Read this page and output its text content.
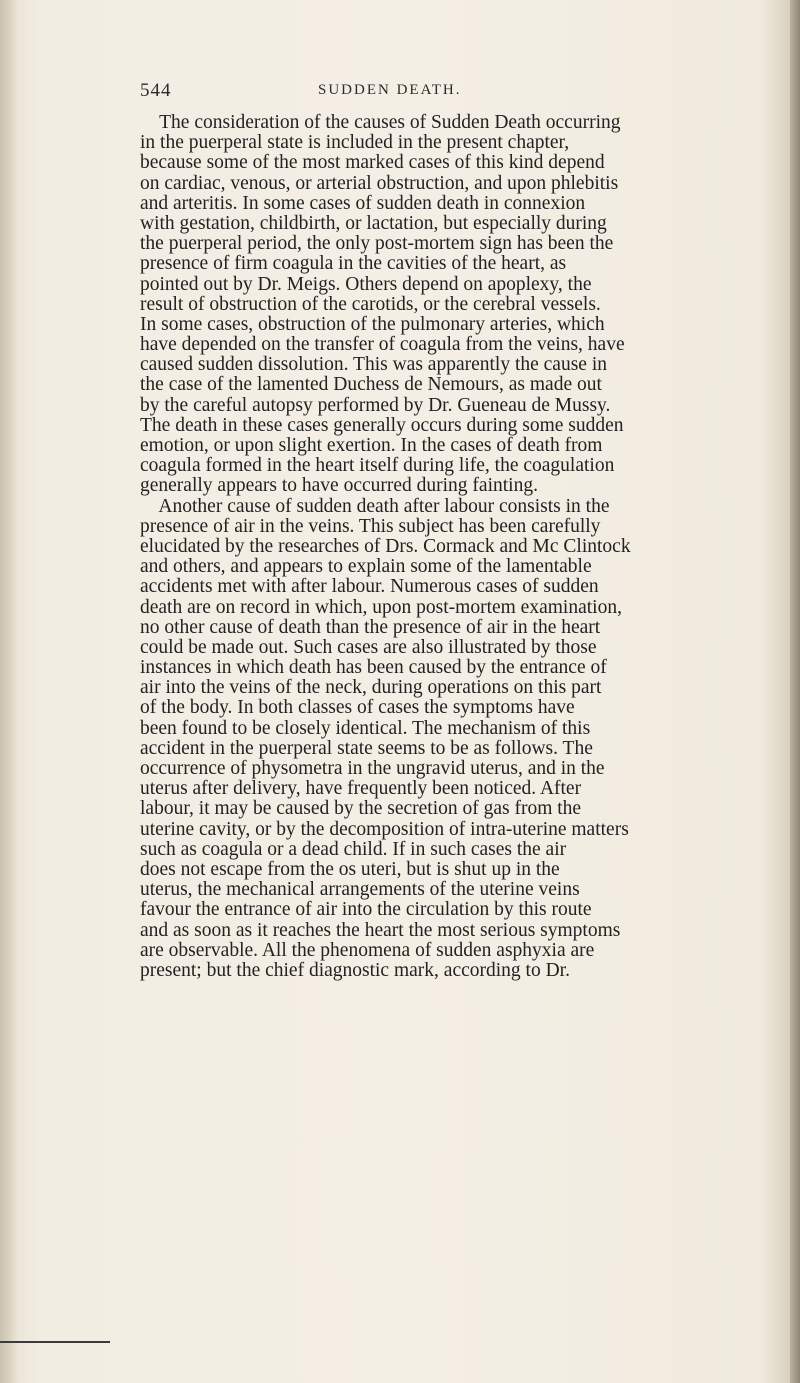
544	SUDDEN DEATH.
The consideration of the causes of Sudden Death occurring
in the puerperal state is included in the present chapter,
because some of the most marked cases of this kind depend
on cardiac, venous, or arterial obstruction, and upon phlebitis
and arteritis. In some cases of sudden death in connexion
with gestation, childbirth, or lactation, but especially during
the puerperal period, the only post-mortem sign has been the
presence of firm coagula in the cavities of the heart, as
pointed out by Dr. Meigs. Others depend on apoplexy, the
result of obstruction of the carotids, or the cerebral vessels.
In some cases, obstruction of the pulmonary arteries, which
have depended on the transfer of coagula from the veins, have
caused sudden dissolution. This was apparently the cause in
the case of the lamented Duchess de Nemours, as made out
by the careful autopsy performed by Dr. Gueneau de Mussy.
The death in these cases generally occurs during some sudden
emotion, or upon slight exertion. In the cases of death from
coagula formed in the heart itself during life, the coagulation
generally appears to have occurred during fainting.
Another cause of sudden death after labour consists in the
presence of air in the veins. This subject has been carefully
elucidated by the researches of Drs. Cormack and Mc Clintock
and others, and appears to explain some of the lamentable
accidents met with after labour. Numerous cases of sudden
death are on record in which, upon post-mortem examination,
no other cause of death than the presence of air in the heart
could be made out. Such cases are also illustrated by those
instances in which death has been caused by the entrance of
air into the veins of the neck, during operations on this part
of the body. In both classes of cases the symptoms have
been found to be closely identical. The mechanism of this
accident in the puerperal state seems to be as follows. The
occurrence of physometra in the ungravid uterus, and in the
uterus after delivery, have frequently been noticed. After
labour, it may be caused by the secretion of gas from the
uterine cavity, or by the decomposition of intra-uterine matters
such as coagula or a dead child. If in such cases the air
does not escape from the os uteri, but is shut up in the
uterus, the mechanical arrangements of the uterine veins
favour the entrance of air into the circulation by this route
and as soon as it reaches the heart the most serious symptoms
are observable. All the phenomena of sudden asphyxia are
present; but the chief diagnostic mark, according to Dr.
